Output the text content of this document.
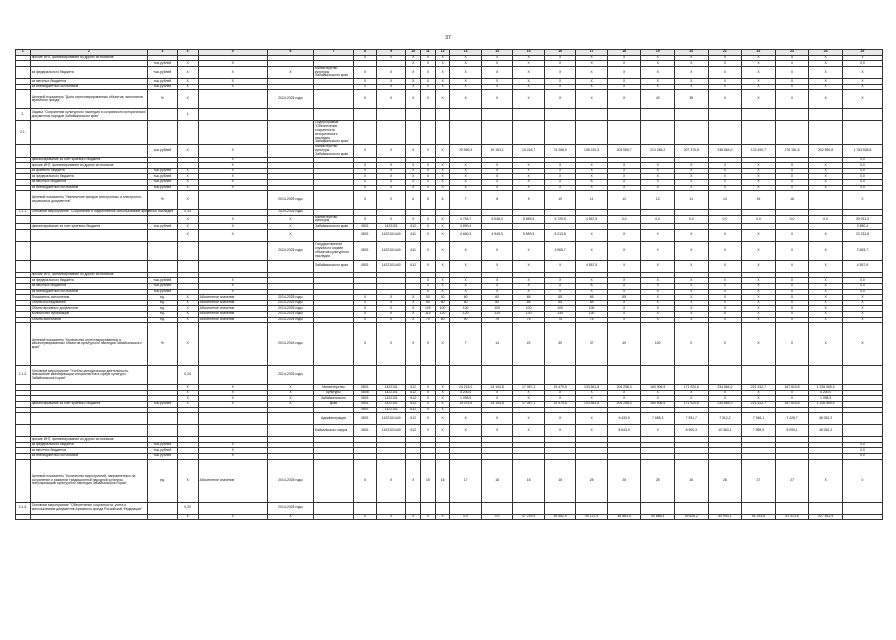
37
1	2	3	4	5	6	7	8	9	10	11	12	13	14	15	16	17	18	19	20	21	22	23	24	25
	прочие ИНТ, финансирование из других источников						X	X	X	X	X	X	X	X	X	X	X	X	X	X	X	X	X	X
		тыс.рублей	X	X					X	X	X	X	X	X	X	X	X	X	X	X	X	X	X	0,0
	из федерального бюджета	тыс.рублей	X	X	X	Министерство культуры Забайкальского края	X	X	X	X	X	X	X	X	X	X	X	X	X	X	X	X	X	X
	из местных бюджетов	тыс.рублей	X	X			X	X	X	X	X	X	X	X	X	X	X	X	X	X	X	X	X	X
	из внебюджетных источников	тыс.рублей	X	X			X	X	X	X	X	X	X	X	X	X	X	X	X	X	X	X	X	X
	Целевой показатель "Доля отреставрированных объектов, экспонатов музейного фонда"	%	X		2024-2025 годы		X	X	X	X	X	X	X	X	X	X	X	40	35	X	X	X	X	X
2.	Задача "Сохранение культурного наследия и сохранности исторических документов народов Забайкальского края"		1																					
2.1.						Подпрограмма "Обеспечение сохранности исторического наследия Забайкальского края"																		
		тыс.рублей	X	X		Министерство культуры Забайкальского края	X	X	X	X	X	29 969,4	19 153,1	15 216,7	74 268,9	138 219,3	203 965,7	213 285,2	207 370,8	238 664,0	123 490,7	176 181,8	202 590,8	1 763 536,8
	финансирование за счет краевого бюджета			X																				0,0
	прочие ИНТ, финансирование из других источников			X			X	X	X	X	X	X	X	X	X	X	X	X	X	X	X	X	X	0,0
	из краевого бюджета	тыс.рублей	X	X			X	X	X	X	X	X	X	X	X	X	X	X	X	X	X	X	X	0,0
	из федерального бюджета	тыс.рублей	X	X			X	X	X	X	X	X	X	X	X	X	X	X	X	X	X	X	X	0,0
	из местных бюджетов	тыс.рублей	X	X			X	X	X	X	X	X	X	X	X	X	X	X	X	X	X	X	X	0,0
	из внебюджетных источников	тыс.рублей	X	X			X	X	X	X	X	X	X	X	X	X	X	X	X	X	X	X	X	0,0
	Целевой показатель "Увеличение фондов электронных и электронно-справочных документов"	%	X		2014-2025 годы		X	X	6	5	6	7	8	9	10	11	12	12	11	14	15	16		0
2.1.1.	Основное мероприятие "Сохранение и эффективное использование архивного наследия"		0,33		2024-2025 годы																			
			X	X	X	Министерство культуры	X	X	X	X	X	4 754,7	5 048,3	5 589,3	5 729,5	4 557,5	0,0	0,0	0,0	0,0	0,0	0,0	0,0	39 911,3
	финансирование за счет краевого бюджета	тыс.рублей	X	X	X	Забайкальского края	0801	1422101	612	X	X	3 890,4												3 890,4
			X	X	X		0801	1422101440	611	X	X	4 660,3	4 945,3	5 589,3	5 213,8	X	X	X	X	X	X	X	X	23 781,8
					2024-2025 годы	Государственная служба по охране объектов культурного наследия	0801	1422101440	611	X	X	X	X	X	3 965,7	X	X	X	X	X	X	X	X	3 563,7
						Забайкальского края	0801	1422101440	612	X	X	X	X	X	X	4 557,5	X	X	X	X	X	X	X	4 557,5
	прочие ИНТ, финансирование из других источников																							
	из федерального бюджета	тыс.рублей		X						X	X	X	X	X	X	X	X	X	X	X	X	X	X	0,0
	из местных бюджетов	тыс.рублей		X						X	X	X	X	X	X	X	X	X	X	X	X	X	X	0,0
	из внебюджетных источников	тыс.рублей		X						X	X	X	X	X	X	X	X	X	X	X	X	X	X	0,0
	Показатель исполнения	ед.	X	Абсолютное значение	2014-2025 годы		X	X	X	50	40	60	60	65	65	65	65	X	X	X	X	X	X	X
	Объем исследований	ед.	X	Абсолютное значение	2014-2025 годы		X	X	X	80	80	80	80	85	85	85	X	X	X	X	X	X	X	X
	Объем архивных документов	ед.	X	Абсолютное значение	2014-2025 годы		X	X	X	100	100	100	100	100	100	100	X	X	X	X	X	X	X	X
	Количество публикаций	ед.	X	Абсолютное значение	2014-2024 годы		X	X	X	110	120	120	120	130	130	130	X	X	X	X	X	X	X	X
	Объем экспонатов	ед.	X	Абсолютное значение	2014-2024 годы		X	X	X	70	80	90	75	75	75	75	X	X	X	X	X	X	X	X
	Целевой показатель "Количество отреставрированных и законсервированных объектов культурного наследия Забайкальского края"	%	X		2014-2018 годы		X	X	X	X	X	7	14	22	30	37	45	100	0	0	X	X	X	X
2.1.2.	Основное мероприятие "Учебно-методическая деятельность, повышение квалификации специалистов в сфере культуры Забайкальского края"		0,24		2014-2025 годы																			
			X	X	X	Министерство	0801	1422101	612	X	X	24 215,0	14 104,8	17 057,1	19 479,5	133 561,8	204 258,4	160 906,5	171 920,6	234 664,0	221 512,7	167 810,8	1 226 065,3	
			X	X	X	культуры	0806	1422101	612	X	X	4 200,0	X	X	X	X	X	X	X	X	X	X	4 200,0	
			X	X	X	Забайкальского	0801	1422101	612	X	X	1 098,5	X	X	X	X	X	X	X	X	X	X	1 098,5	
	финансирование за счет краевого бюджета	тыс.рублей	X	X	X	края	0801	1422101	612	X	X	19 075,5	14 104,8	17 057,1	19 479,5	133 561,8	204 258,4	160 906,5	171 920,6	234 664,0	221 512,7	167 810,8	1 206 965,5	
							0801	1422101	612	X	X													
						Администрация	0801	1422101440	612	X	X	X	X	X	X	X	9 433,9	7 688,3	7 931,7	7 312,2	7 948,1	7 428,7	48 051,2	
						Байкальского округа	0801	1422101440	612	X	X	X	X	X	X	X	8 543,9	X	8 900,3	10 363,1	7 955,9	9 099,1	48 051,2	
	прочие ИНТ, финансирование из других источников																							
	из федерального бюджета	тыс.рублей		X																				0,0
	из местных бюджетов	тыс.рублей		X																				0,0
	из внебюджетных источников	тыс.рублей		X																				0,0
	Целевой показатель "Количество мероприятий, направленных на сохранение и развитие традиционной народной культуры, популяризацию культурного наследия Забайкальского края"	ед.	X	Абсолютное значение	2014-2025 годы		X	X	X	15	16	17	18	15	15	25	25	25	26	28	27	27	X	0
2.1.3.	Основное мероприятие "Обеспечение сохранности, учета и использования документов Архивного фонда Российской Федерации"		0,20		2014-2025 годы																			
			X	X	X		X	X	X	X	X	0,0	0,0	47 219,9	39 582,9	39 121,5	48 863,4	49 688,3	49 628,2	50 993,1	51 153,8	51 313,8	427 461,9	
